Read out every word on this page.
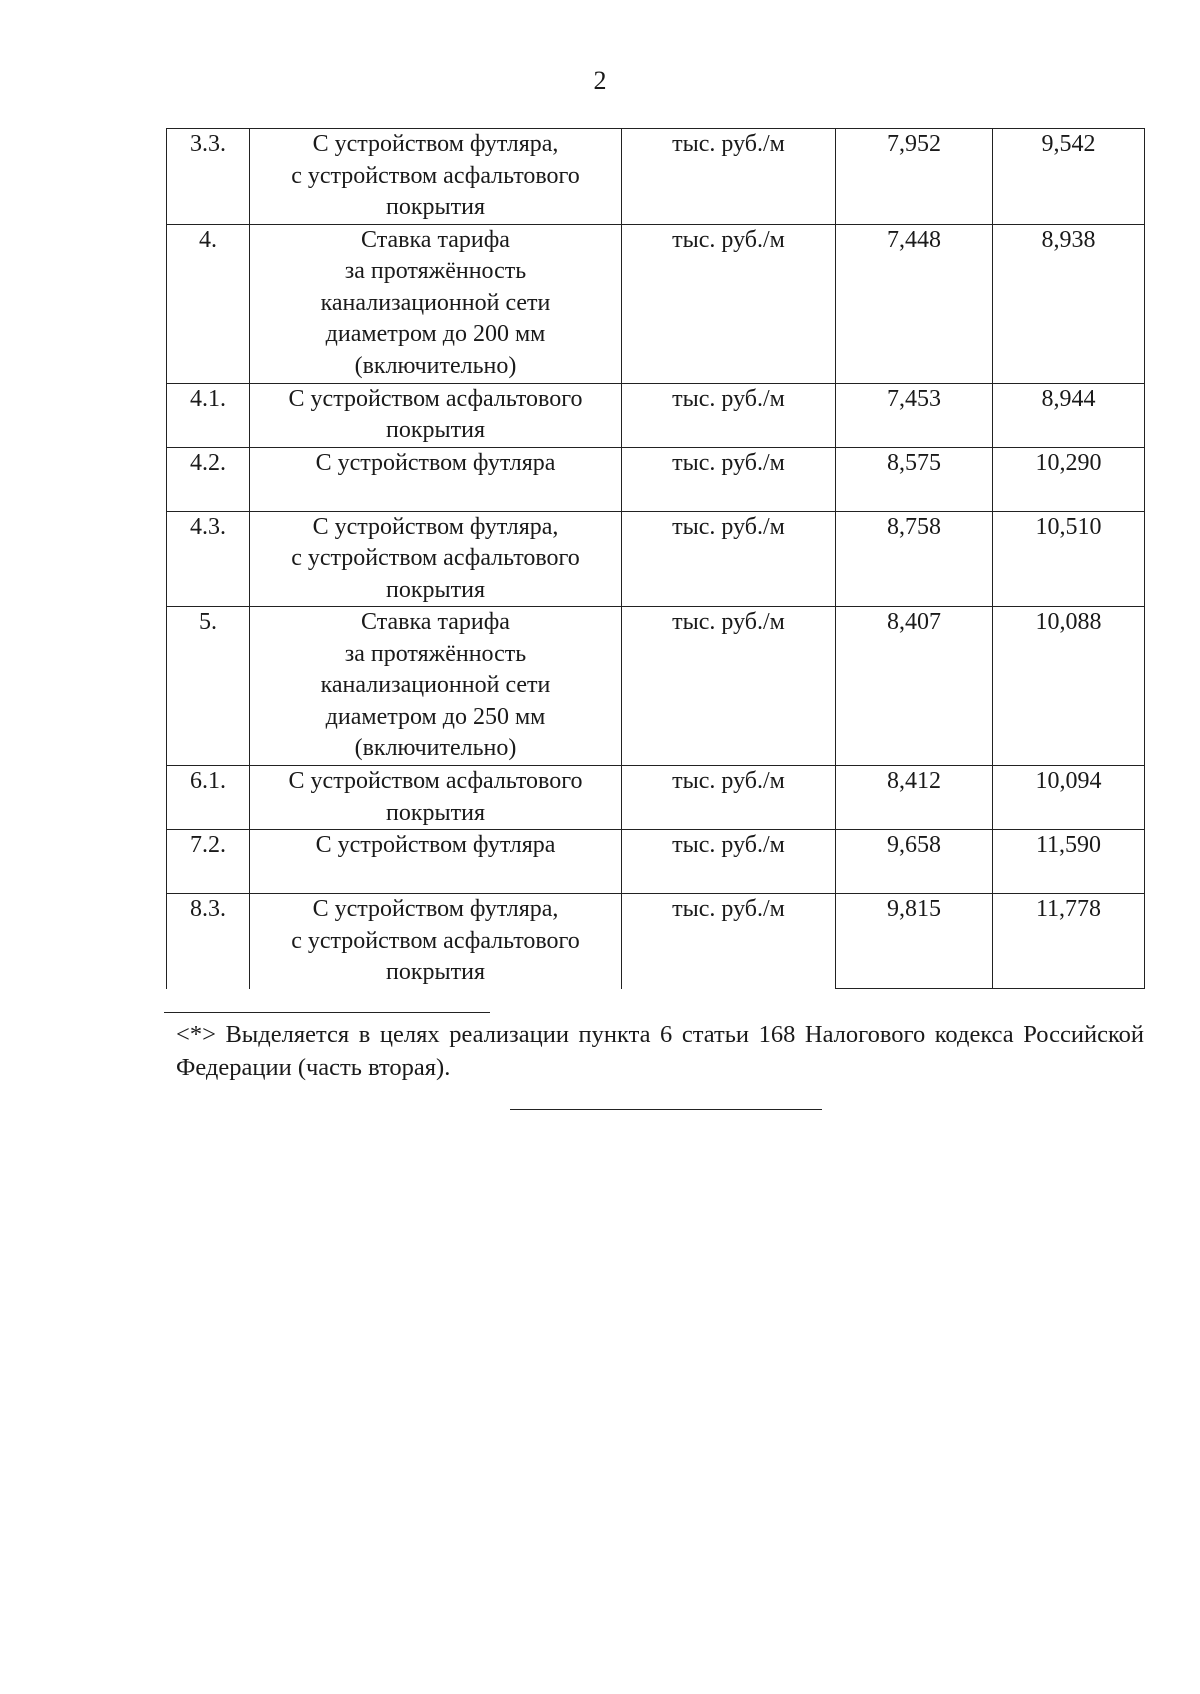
2
3.3.	С устройством футляра,
с устройством асфальтового
покрытия	тыс. руб./м	7,952	9,542
4.	Ставка тарифа
за протяжённость
канализационной сети
диаметром до 200 мм
(включительно)	тыс. руб./м	7,448	8,938
4.1.	С устройством асфальтового
покрытия	тыс. руб./м	7,453	8,944
4.2.	С устройством футляра	тыс. руб./м	8,575	10,290
4.3.	С устройством футляра,
с устройством асфальтового
покрытия	тыс. руб./м	8,758	10,510
5.	Ставка тарифа
за протяжённость
канализационной сети
диаметром до 250 мм
(включительно)	тыс. руб./м	8,407	10,088
6.1.	С устройством асфальтового
покрытия	тыс. руб./м	8,412	10,094
7.2.	С устройством футляра	тыс. руб./м	9,658	11,590
8.3.	С устройством футляра,
с устройством асфальтового
покрытия	тыс. руб./м	9,815	11,778
<*> Выделяется в целях реализации пункта 6 статьи 168 Налогового кодекса Российской Федерации (часть вторая).
